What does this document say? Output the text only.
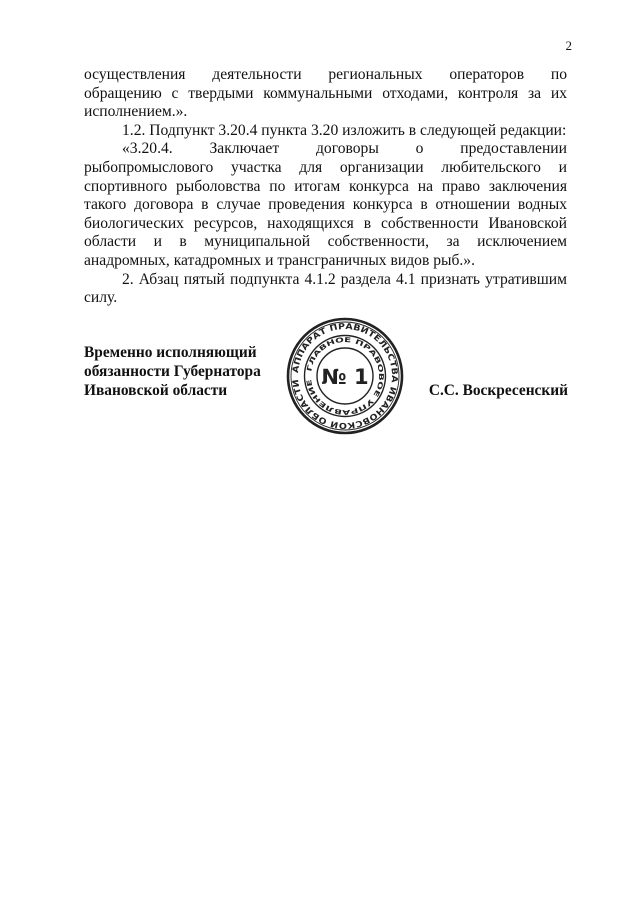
2

осуществления деятельности региональных операторов по

обращению с твердыми коммунальными отходами, контроля за их исполнением.».

1.2. Подпункт 3.20.4 пункта 3.20 изложить в следующей редакции:

«3.20.4. Заключает договоры о предоставлении рыбопромыслового участка для организации любительского и спортивного рыболовства по итогам конкурса на право заключения такого договора в случае проведения конкурса в отношении водных биологических ресурсов, находящихся в собственности Ивановской области и в муниципальной собственности, за исключением анадромных, катадромных и трансграничных видов рыб.».

2. Абзац пятый подпункта 4.1.2 раздела 4.1 признать утратившим силу.

Временно исполняющий
обязанности Губернатора
Ивановской области
АППАРАТ ПРАВИТЕЛЬСТВА ИВАНОВСКОЙ ОБЛАСТИ
ГЛАВНОЕ ПРАВОВОЕ УПРАВЛЕНИЕ № 1
С.С. Воскресенский
